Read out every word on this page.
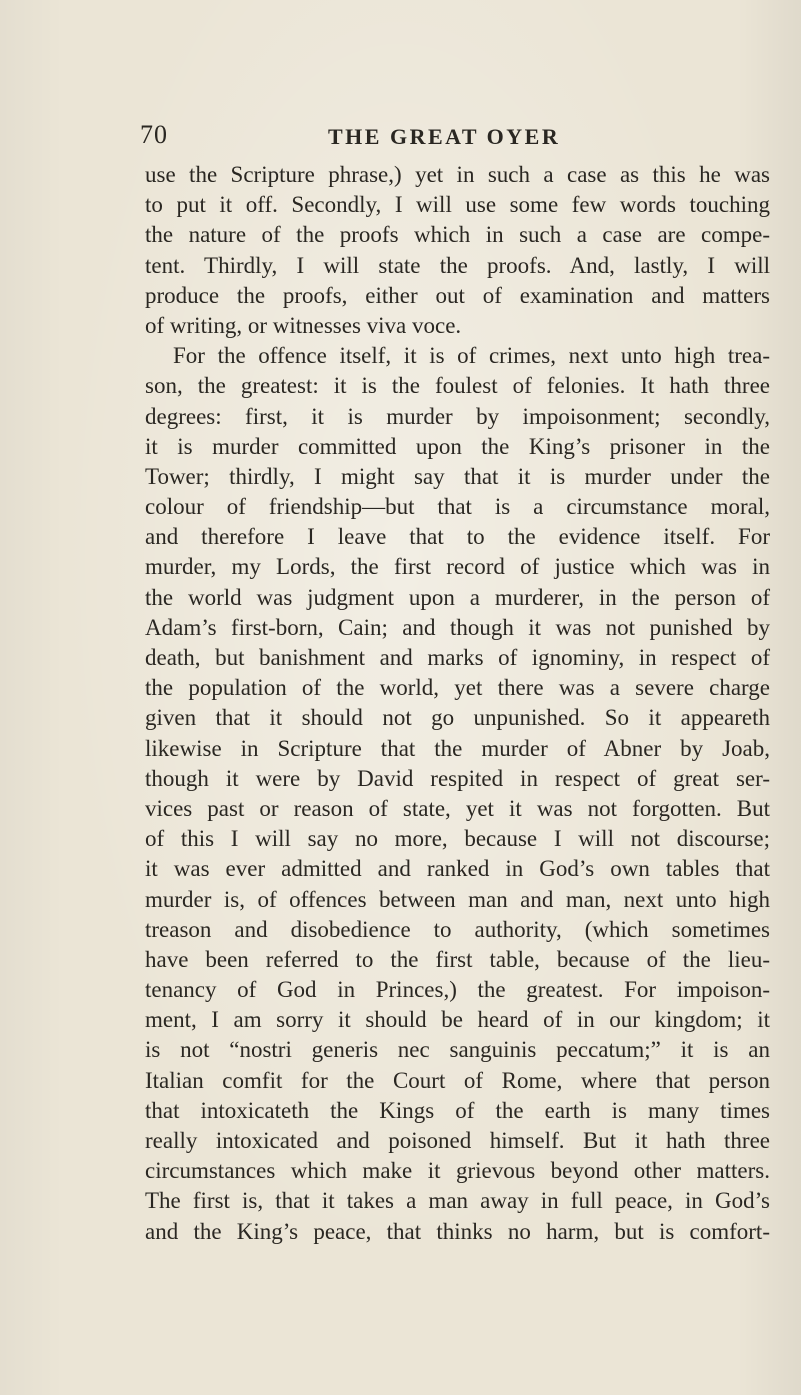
70	THE GREAT OYER
use the Scripture phrase,) yet in such a case as this he was
to put it off. Secondly, I will use some few words touching
the nature of the proofs which in such a case are compe-
tent. Thirdly, I will state the proofs. And, lastly, I will
produce the proofs, either out of examination and matters
of writing, or witnesses viva voce.
For the offence itself, it is of crimes, next unto high trea-
son, the greatest: it is the foulest of felonies. It hath three
degrees: first, it is murder by impoisonment; secondly,
it is murder committed upon the King’s prisoner in the
Tower; thirdly, I might say that it is murder under the
colour of friendship—but that is a circumstance moral,
and therefore I leave that to the evidence itself. For
murder, my Lords, the first record of justice which was in
the world was judgment upon a murderer, in the person of
Adam’s first-born, Cain; and though it was not punished by
death, but banishment and marks of ignominy, in respect of
the population of the world, yet there was a severe charge
given that it should not go unpunished. So it appeareth
likewise in Scripture that the murder of Abner by Joab,
though it were by David respited in respect of great ser-
vices past or reason of state, yet it was not forgotten. But
of this I will say no more, because I will not discourse;
it was ever admitted and ranked in God’s own tables that
murder is, of offences between man and man, next unto high
treason and disobedience to authority, (which sometimes
have been referred to the first table, because of the lieu-
tenancy of God in Princes,) the greatest. For impoison-
ment, I am sorry it should be heard of in our kingdom; it
is not “nostri generis nec sanguinis peccatum;” it is an
Italian comfit for the Court of Rome, where that person
that intoxicateth the Kings of the earth is many times
really intoxicated and poisoned himself. But it hath three
circumstances which make it grievous beyond other matters.
The first is, that it takes a man away in full peace, in God’s
and the King’s peace, that thinks no harm, but is comfort-
